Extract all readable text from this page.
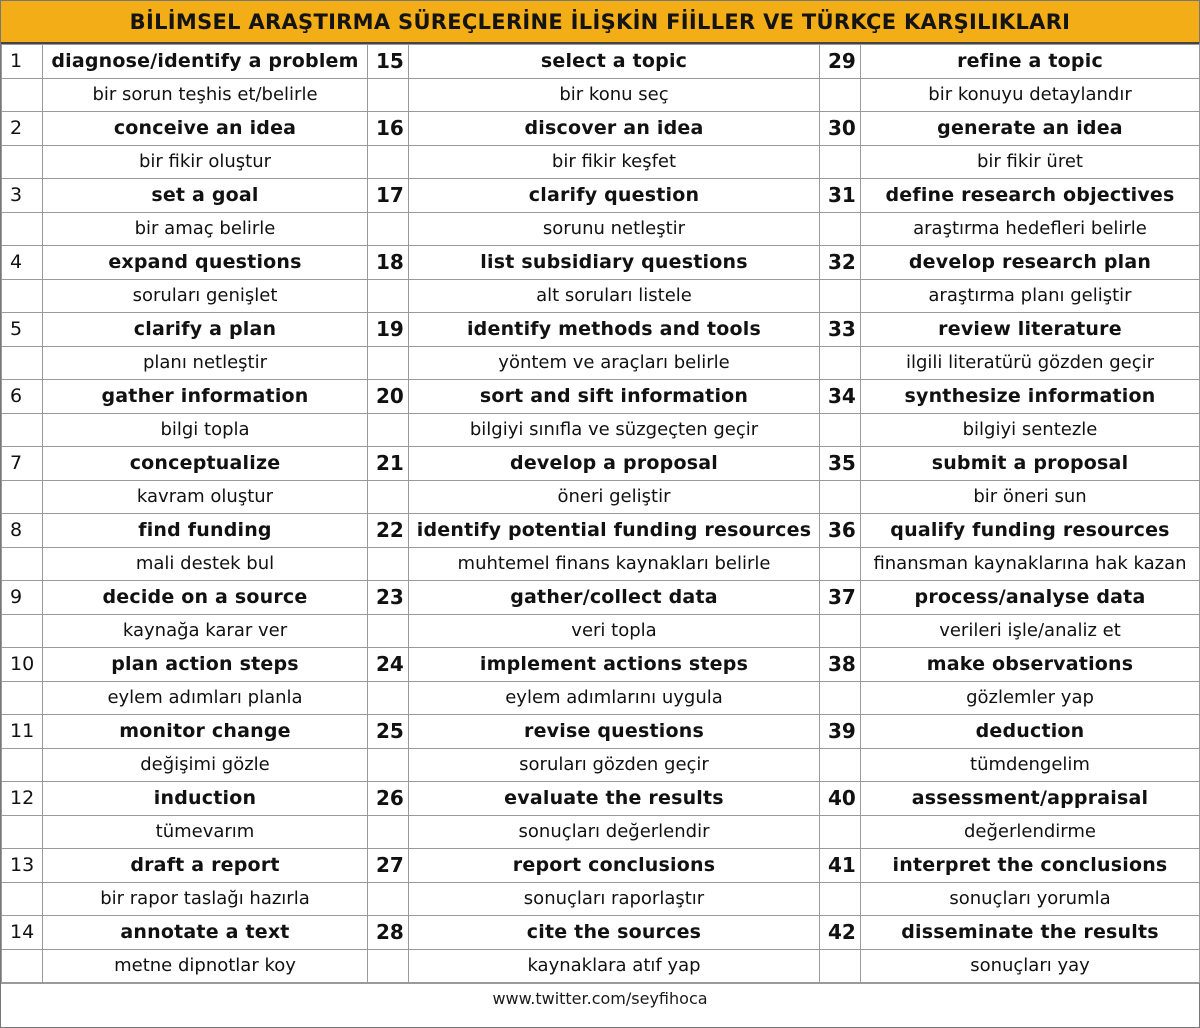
BİLİMSEL ARAŞTIRMA SÜREÇLERİNE İLİŞKİN FİİLLER VE TÜRKÇE KARŞILIKLARI
1	diagnose/identify a problem	15	select a topic	29	refine a topic
	bir sorun teşhis et/belirle		bir konu seç		bir konuyu detaylandır
2	conceive an idea	16	discover an idea	30	generate an idea
	bir fikir oluştur		bir fikir keşfet		bir fikir üret
3	set a goal	17	clarify question	31	define research objectives
	bir amaç belirle		sorunu netleştir		araştırma hedefleri belirle
4	expand questions	18	list subsidiary questions	32	develop research plan
	soruları genişlet		alt soruları listele		araştırma planı geliştir
5	clarify a plan	19	identify methods and tools	33	review literature
	planı netleştir		yöntem ve araçları belirle		ilgili literatürü gözden geçir
6	gather information	20	sort and sift information	34	synthesize information
	bilgi topla		bilgiyi sınıfla ve süzgeçten geçir		bilgiyi sentezle
7	conceptualize	21	develop a proposal	35	submit a proposal
	kavram oluştur		öneri geliştir		bir öneri sun
8	find funding	22	identify potential funding resources	36	qualify funding resources
	mali destek bul		muhtemel finans kaynakları belirle		finansman kaynaklarına hak kazan
9	decide on a source	23	gather/collect data	37	process/analyse data
	kaynağa karar ver		veri topla		verileri işle/analiz et
10	plan action steps	24	implement actions steps	38	make observations
	eylem adımları planla		eylem adımlarını uygula		gözlemler yap
11	monitor change	25	revise questions	39	deduction
	değişimi gözle		soruları gözden geçir		tümdengelim
12	induction	26	evaluate the results	40	assessment/appraisal
	tümevarım		sonuçları değerlendir		değerlendirme
13	draft a report	27	report conclusions	41	interpret the conclusions
	bir rapor taslağı hazırla		sonuçları raporlaştır		sonuçları yorumla
14	annotate a text	28	cite the sources	42	disseminate the results
	metne dipnotlar koy		kaynaklara atıf yap		sonuçları yay
www.twitter.com/seyfihoca
